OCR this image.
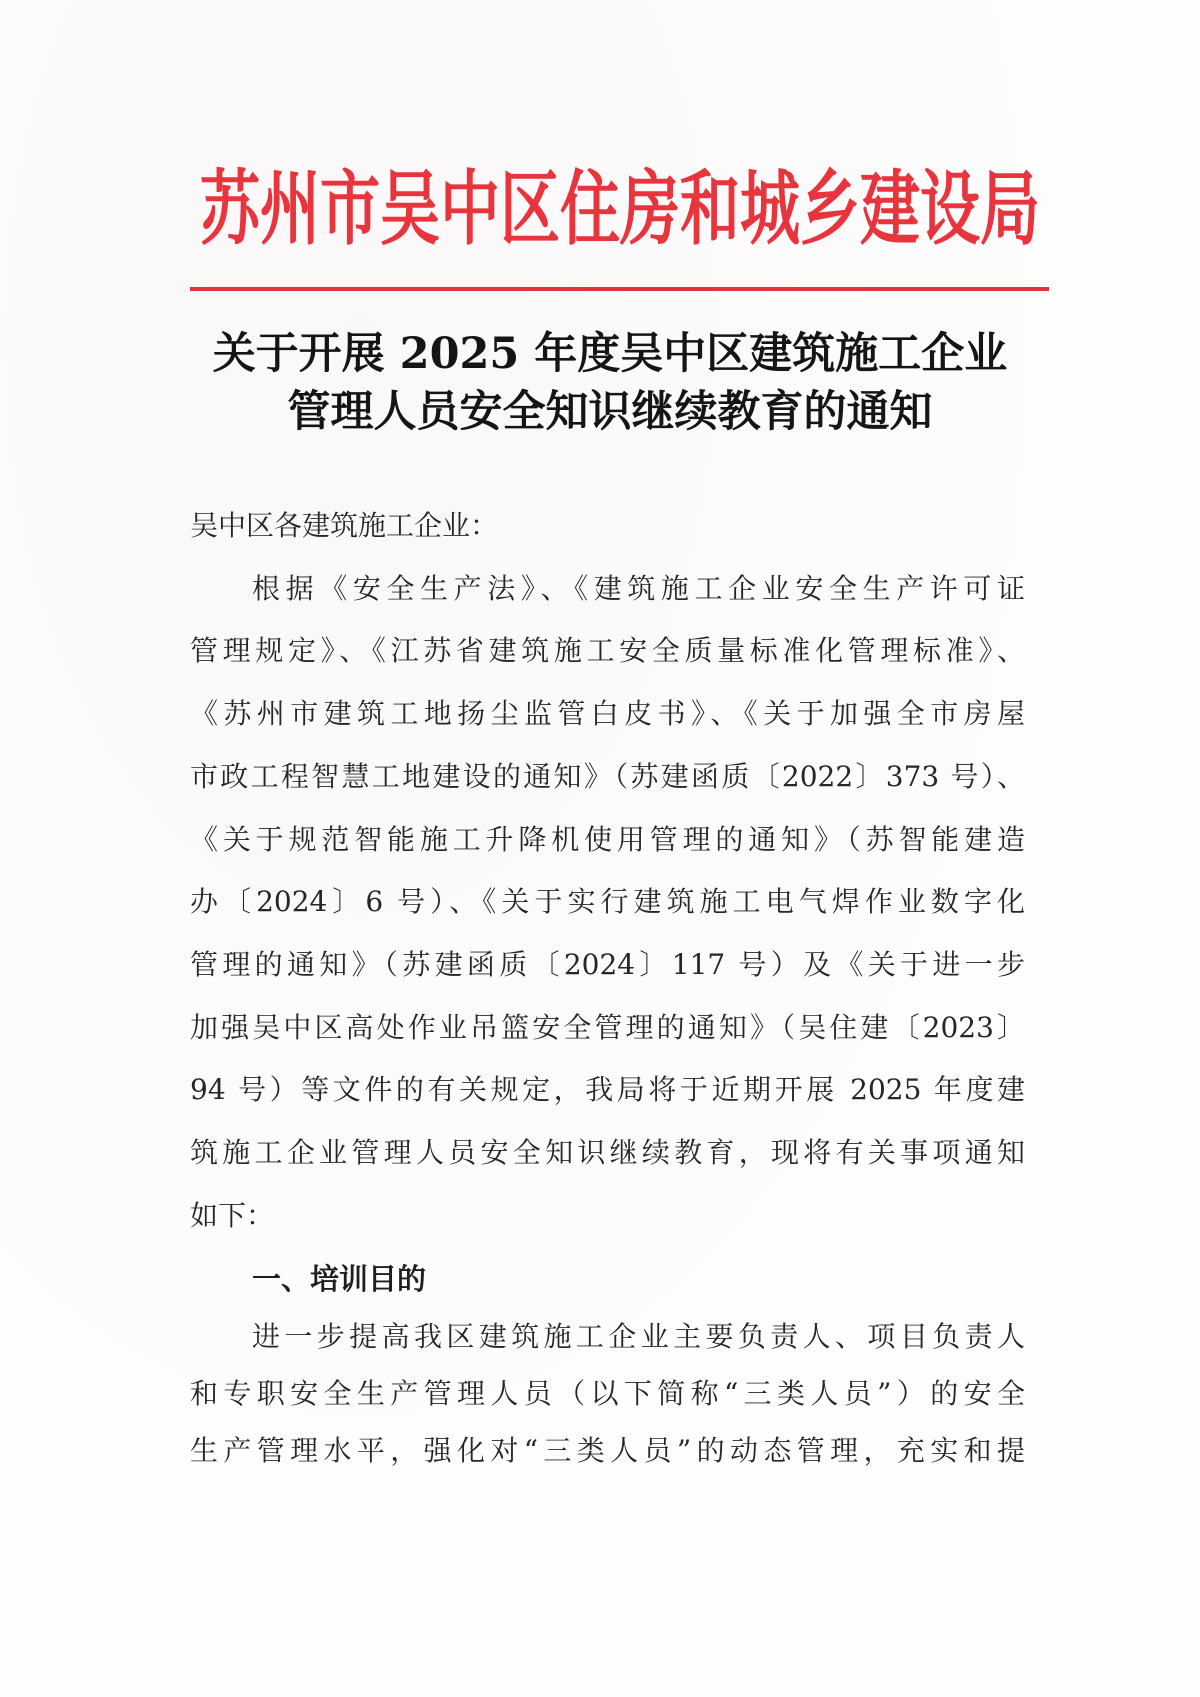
苏州市吴中区住房和城乡建设局
关于开展 2025 年度吴中区建筑施工企业
管理人员安全知识继续教育的通知
吴中区各建筑施工企业：
根据《安全生产法》、《建筑施工企业安全生产许可证
管理规定》、《江苏省建筑施工安全质量标准化管理标准》、
《苏州市建筑工地扬尘监管白皮书》、《关于加强全市房屋
市政工程智慧工地建设的通知》（苏建函质〔2022〕373 号）、
《关于规范智能施工升降机使用管理的通知》（苏智能建造
办〔2024〕6 号）、《关于实行建筑施工电气焊作业数字化
管理的通知》（苏建函质〔2024〕117 号）及《关于进一步
加强吴中区高处作业吊篮安全管理的通知》（吴住建〔2023〕
94 号）等文件的有关规定，我局将于近期开展 2025 年度建
筑施工企业管理人员安全知识继续教育，现将有关事项通知
如下：
一、培训目的
进一步提高我区建筑施工企业主要负责人、项目负责人
和专职安全生产管理人员（以下简称“三类人员”）的安全
生产管理水平，强化对“三类人员”的动态管理，充实和提
